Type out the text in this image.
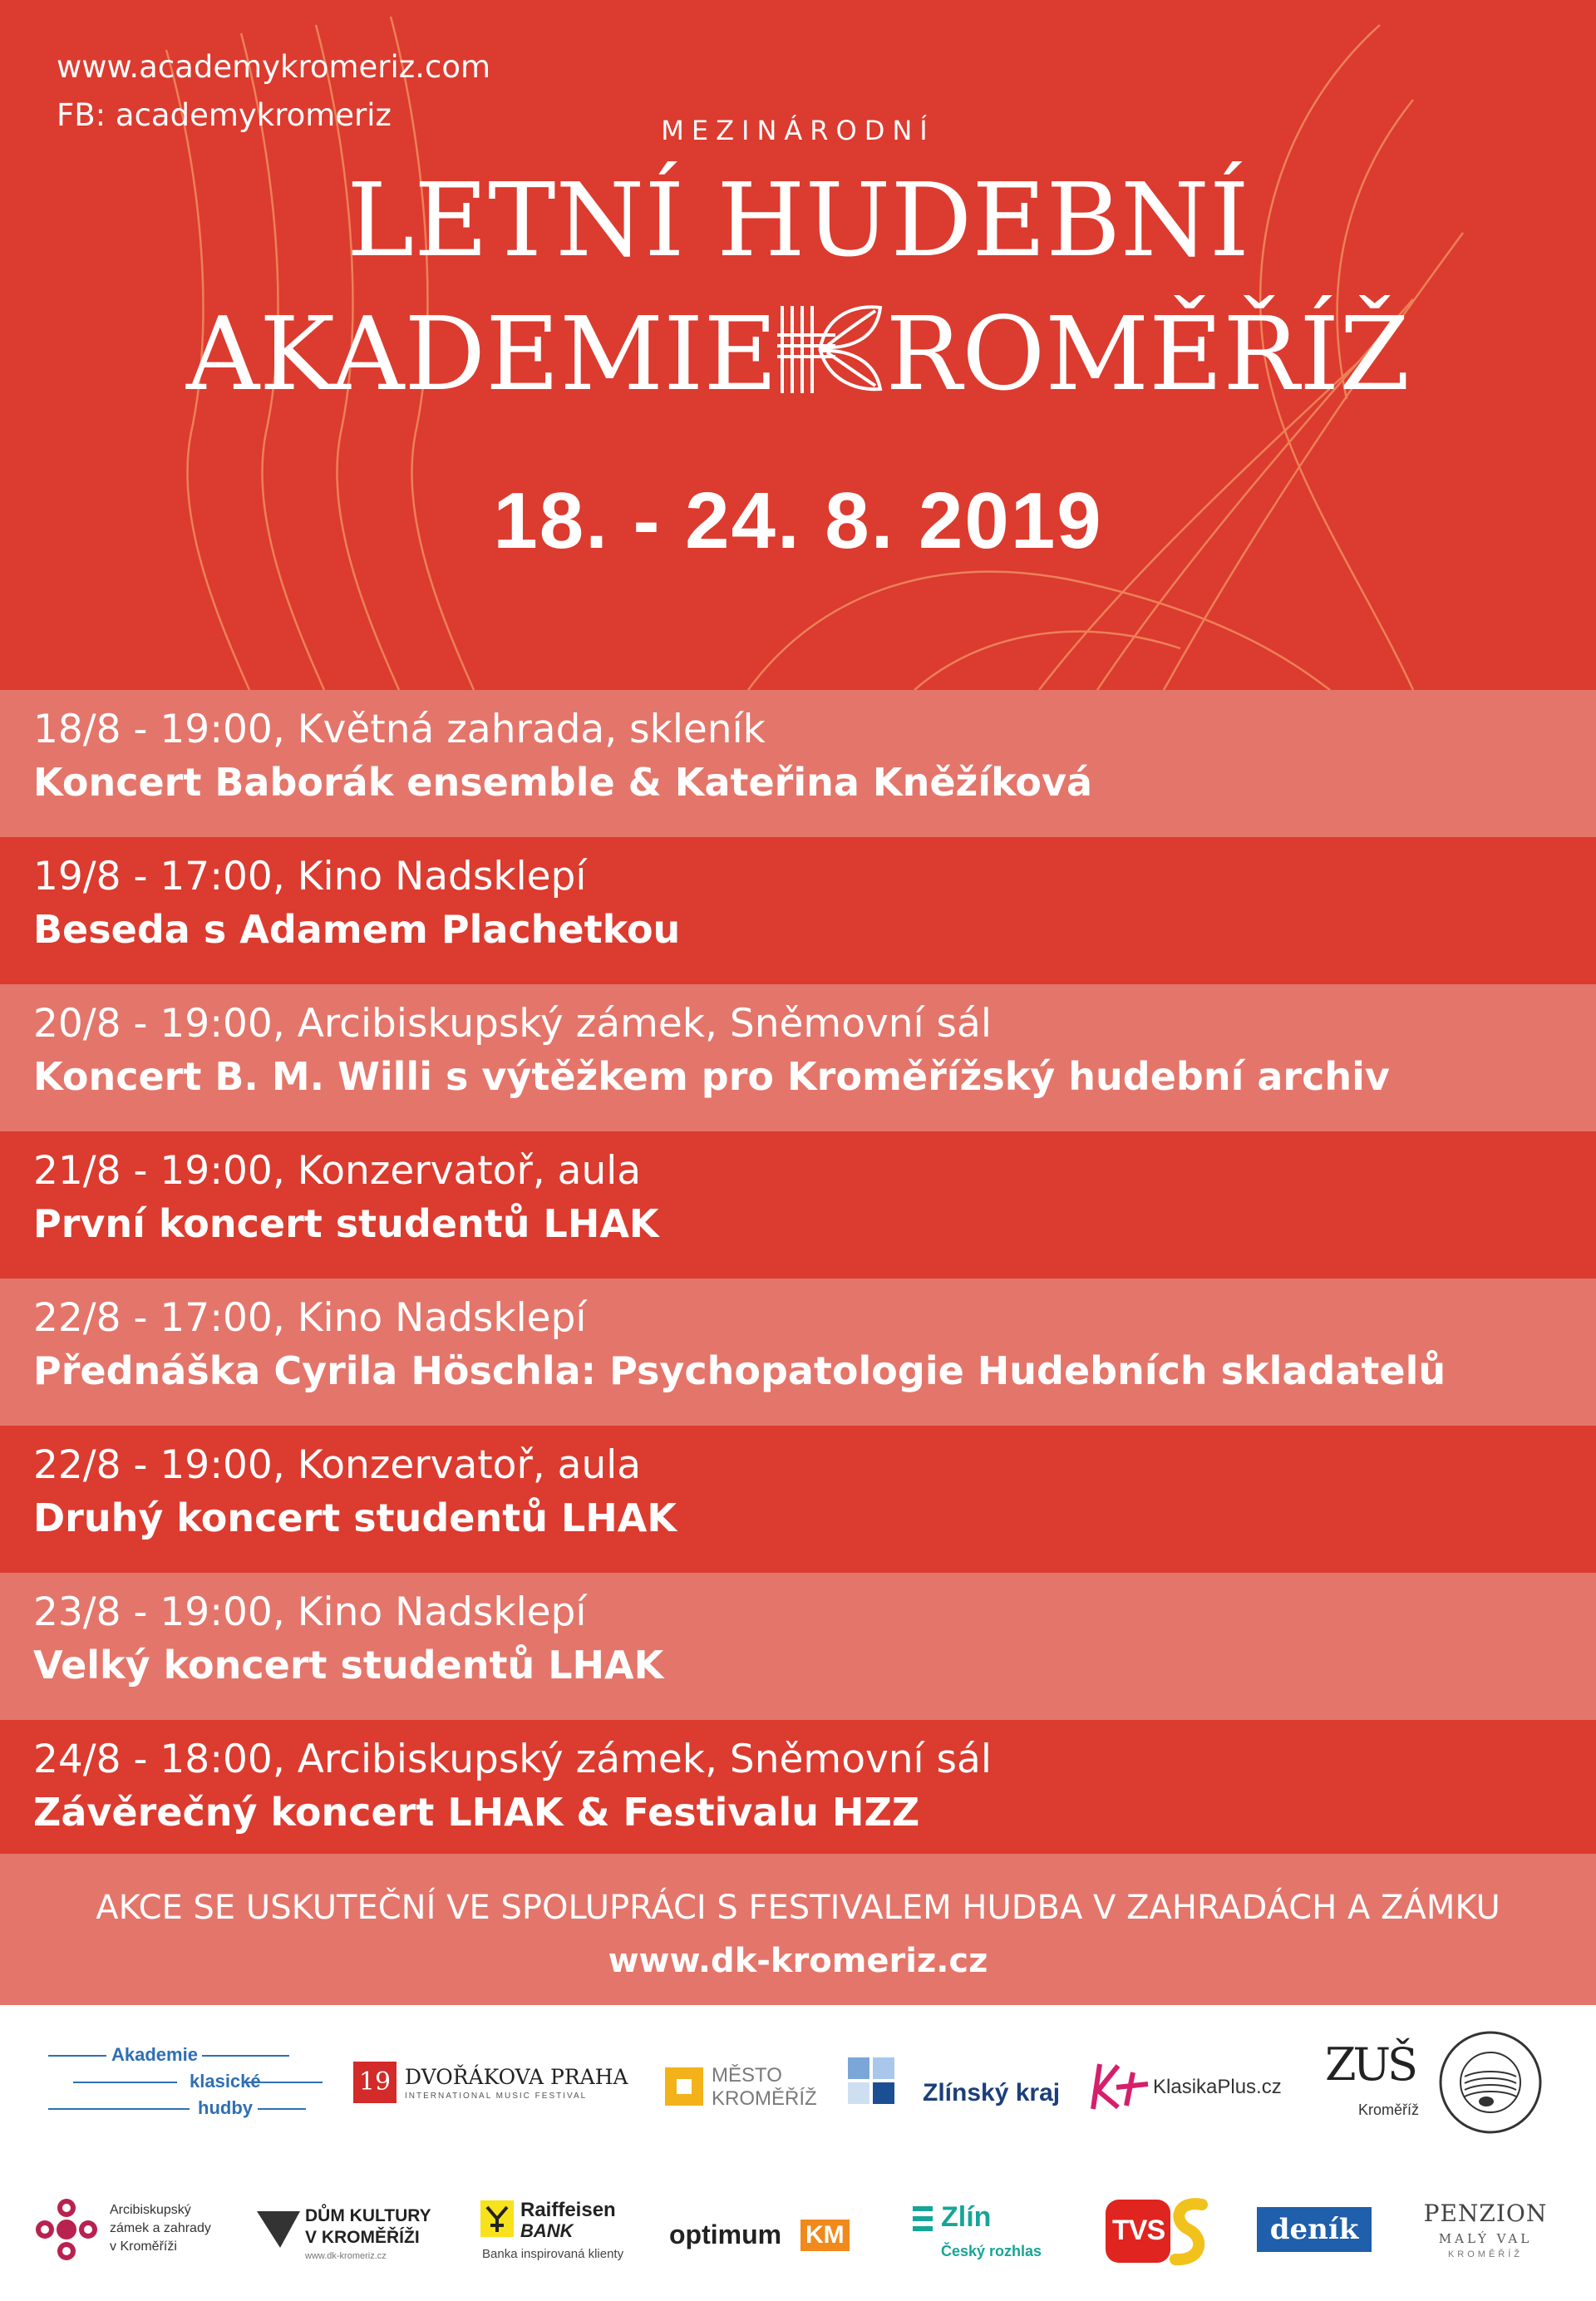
www.academykromeriz.com
FB: academykromeriz	MEZINÁRODNÍ
LETNÍ HUDEBNÍ
AKADEMIE ROMĚŘÍŽ
18. - 24. 8. 2019
18/8 - 19:00, Květná zahrada, skleník
Koncert Baborák ensemble & Kateřina Kněžíková
19/8 - 17:00, Kino Nadsklepí
Beseda s Adamem Plachetkou
20/8 - 19:00, Arcibiskupský zámek, Sněmovní sál
Koncert B. M. Willi s výtěžkem pro Kroměřížský hudební archiv
21/8 - 19:00, Konzervatoř, aula
První koncert studentů LHAK
22/8 - 17:00, Kino Nadsklepí
Přednáška Cyrila Höschla: Psychopatologie Hudebních skladatelů
22/8 - 19:00, Konzervatoř, aula
Druhý koncert studentů LHAK
23/8 - 19:00, Kino Nadsklepí
Velký koncert studentů LHAK
24/8 - 18:00, Arcibiskupský zámek, Sněmovní sál
Závěrečný koncert LHAK & Festivalu HZZ
AKCE SE USKUTEČNÍ VE SPOLUPRÁCI S FESTIVALEM HUDBA V ZAHRADÁCH A ZÁMKU
www.dk-kromeriz.cz
Akademie
klasické
hudby
19 DVOŘÁKOVA PRAHA
INTERNATIONAL MUSIC FESTIVAL
MĚSTO
KROMĚŘÍŽ	Zlínský kraj	KlasikaPlus.cz ZUŠ
Kroměříž
Arcibiskupský
zámek a zahrady
v Kroměříži
DŮM KULTURY
V KROMĚŘÍŽI
www.dk-kromeriz.cz
Raiffeisen
BANK
Banka inspirovaná klienty
optimum KM
Zlín
Český rozhlas
TVS	deník	PENZION
MALÝ VAL
KROMĚŘÍŽ
